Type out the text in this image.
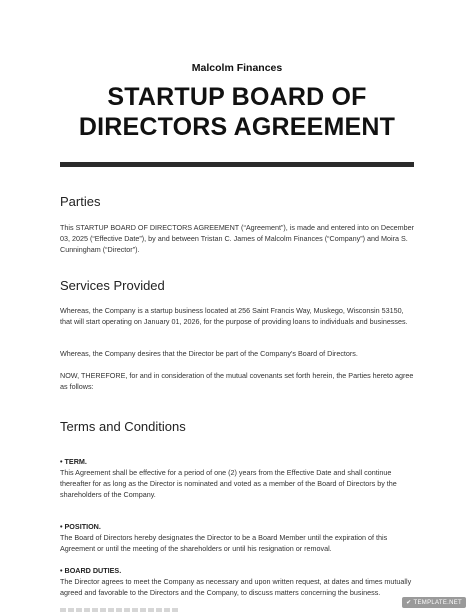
Malcolm Finances
STARTUP BOARD OF
DIRECTORS AGREEMENT
Parties
This STARTUP BOARD OF DIRECTORS AGREEMENT (“Agreement”), is made and entered into on December 03, 2025 (“Effective Date”), by and between Tristan C. James of Malcolm Finances (“Company”) and Moira S. Cunningham (“Director”).
Services Provided
Whereas, the Company is a startup business located at 256 Saint Francis Way, Muskego, Wisconsin 53150, that will start operating on January 01, 2026, for the purpose of providing loans to individuals and businesses.
Whereas, the Company desires that the Director be part of the Company’s Board of Directors.
NOW, THEREFORE, for and in consideration of the mutual covenants set forth herein, the Parties hereto agree as follows:
Terms and Conditions
• TERM.
This Agreement shall be effective for a period of one (2) years from the Effective Date and shall continue thereafter for as long as the Director is nominated and voted as a member of the Board of Directors by the shareholders of the Company.
• POSITION.
The Board of Directors hereby designates the Director to be a Board Member until the expiration of this Agreement or until the meeting of the shareholders or until his resignation or removal.
• BOARD DUTIES.
The Director agrees to meet the Company as necessary and upon written request, at dates and times mutually agreed and favorable to the Directors and the Company, to discuss matters concerning the business.
✔ TEMPLATE.NET
